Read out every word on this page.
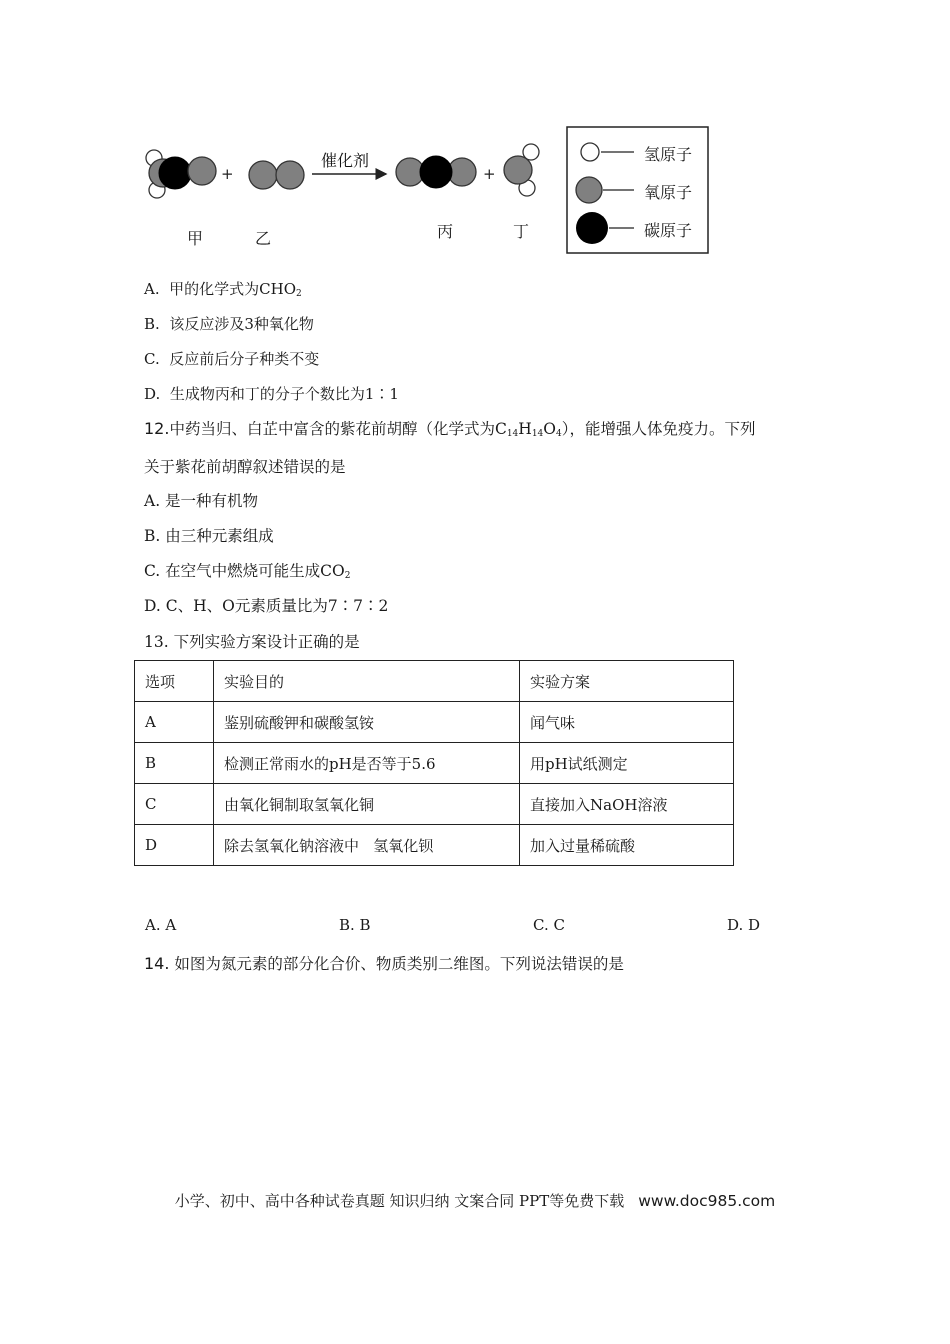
+
催化剂
+
甲	乙	丙	丁
氢原子
氧原子
碳原子
A. 甲的化学式为$CHO_2$
B. 该反应涉及3种氧化物
C. 反应前后分子种类不变
D. 生成物丙和丁的分子个数比为1∶1
12.中药当归、白芷中富含的紫花前胡醇（化学式为$C_{14}H_{14}O_4$），能增强人体免疫力。下列
关于紫花前胡醇叙述错误的是
A. 是一种有机物
B. 由三种元素组成
C. 在空气中燃烧可能生成$CO_2$
D. C、H、O元素质量比为7∶7∶2
13. 下列实验方案设计正确的是
选项	实验目的	实验方案
A	鉴别硫酸钾和碳酸氢铵	闻气味
B	检测正常雨水的pH是否等于5.6	用pH试纸测定
C	由氧化铜制取氢氧化铜	直接加入NaOH溶液
D	除去氢氧化钠溶液中   氢氧化钡	加入过量稀硫酸
A. A	B. B	C. C	D. D
14. 如图为氮元素的部分化合价、物质类别二维图。下列说法错误的是
小学、初中、高中各种试卷真题 知识归纳 文案合同 PPT等免费下载 www.doc985.com
